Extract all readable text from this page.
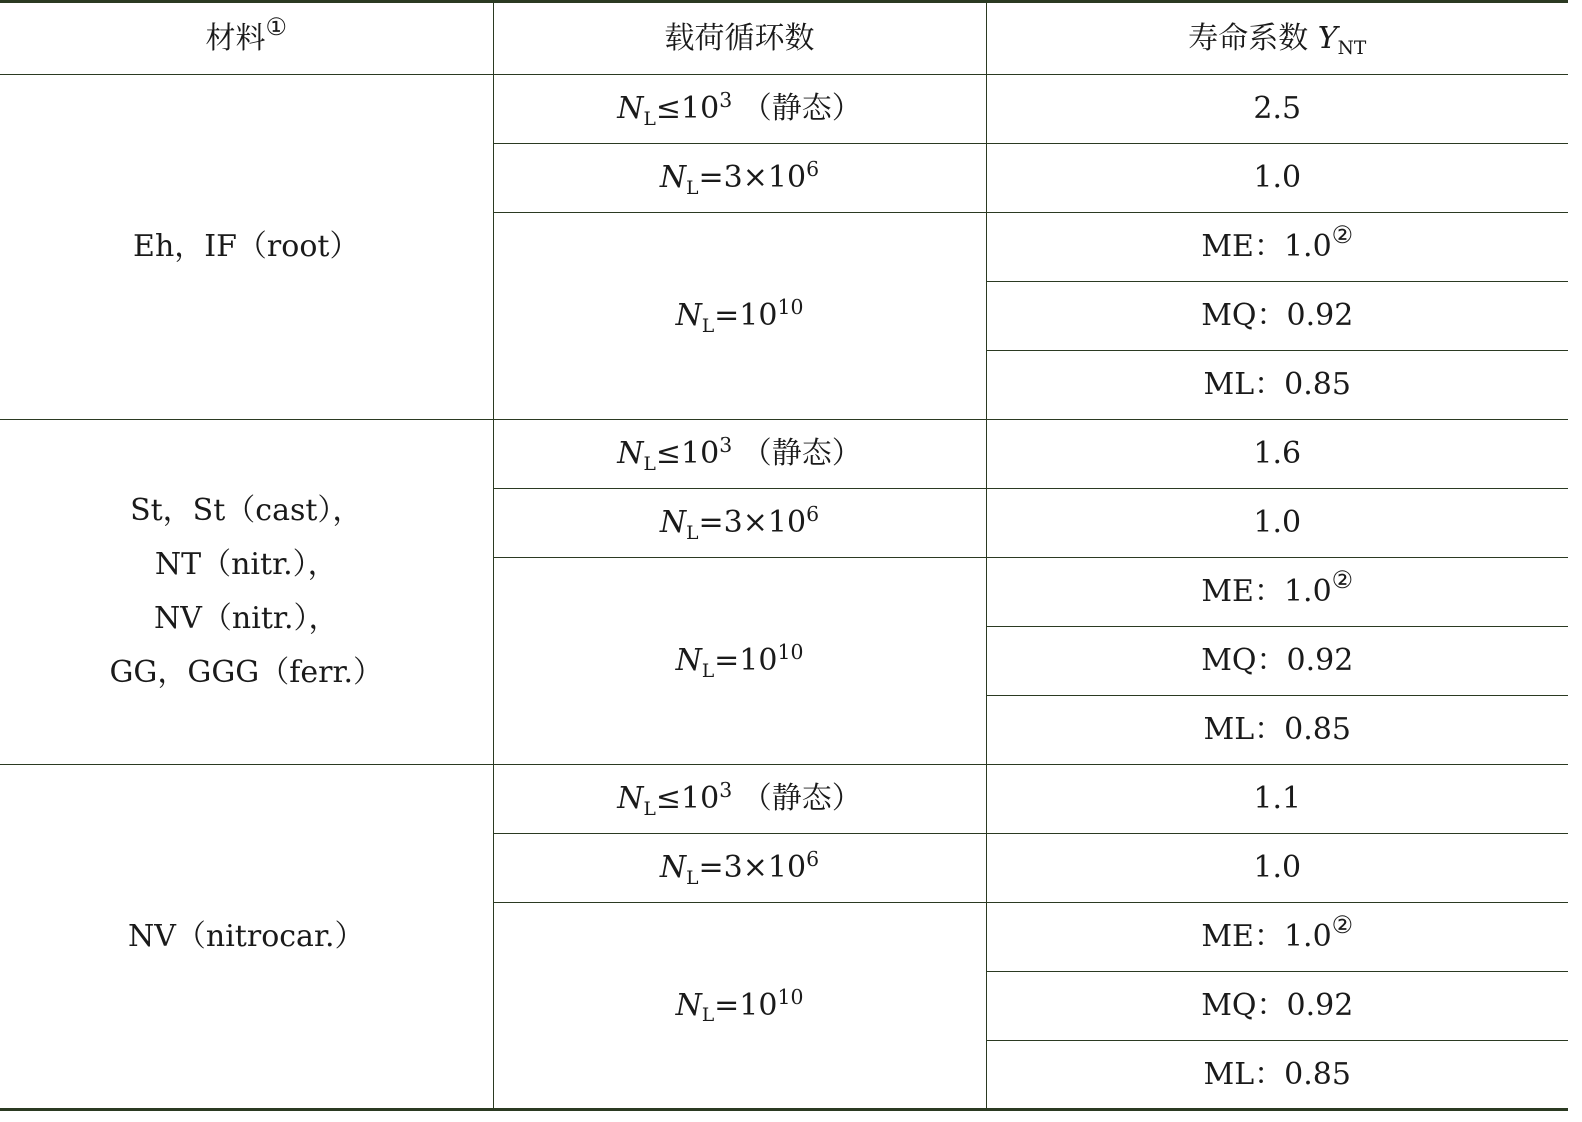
材料①	载荷循环数	寿命系数 $Y_{NT}$

Eh，IF（root）	$N_L\le 10^3$ （静态）	2.5
	$N_L=3\times 10^6$	1.0
	$N_L=10^{10}$	ME：1.0②
		MQ：0.92
		ML：0.85

St，St（cast），
NT（nitr.），
NV（nitr.），
GG，GGG（ferr.）	$N_L\le 10^3$ （静态）	1.6
	$N_L=3\times 10^6$	1.0
	$N_L=10^{10}$	ME：1.0②
		MQ：0.92
		ML：0.85

NV（nitrocar.）	$N_L\le 10^3$ （静态）	1.1
	$N_L=3\times 10^6$	1.0
	$N_L=10^{10}$	ME：1.0②
		MQ：0.92
		ML：0.85
